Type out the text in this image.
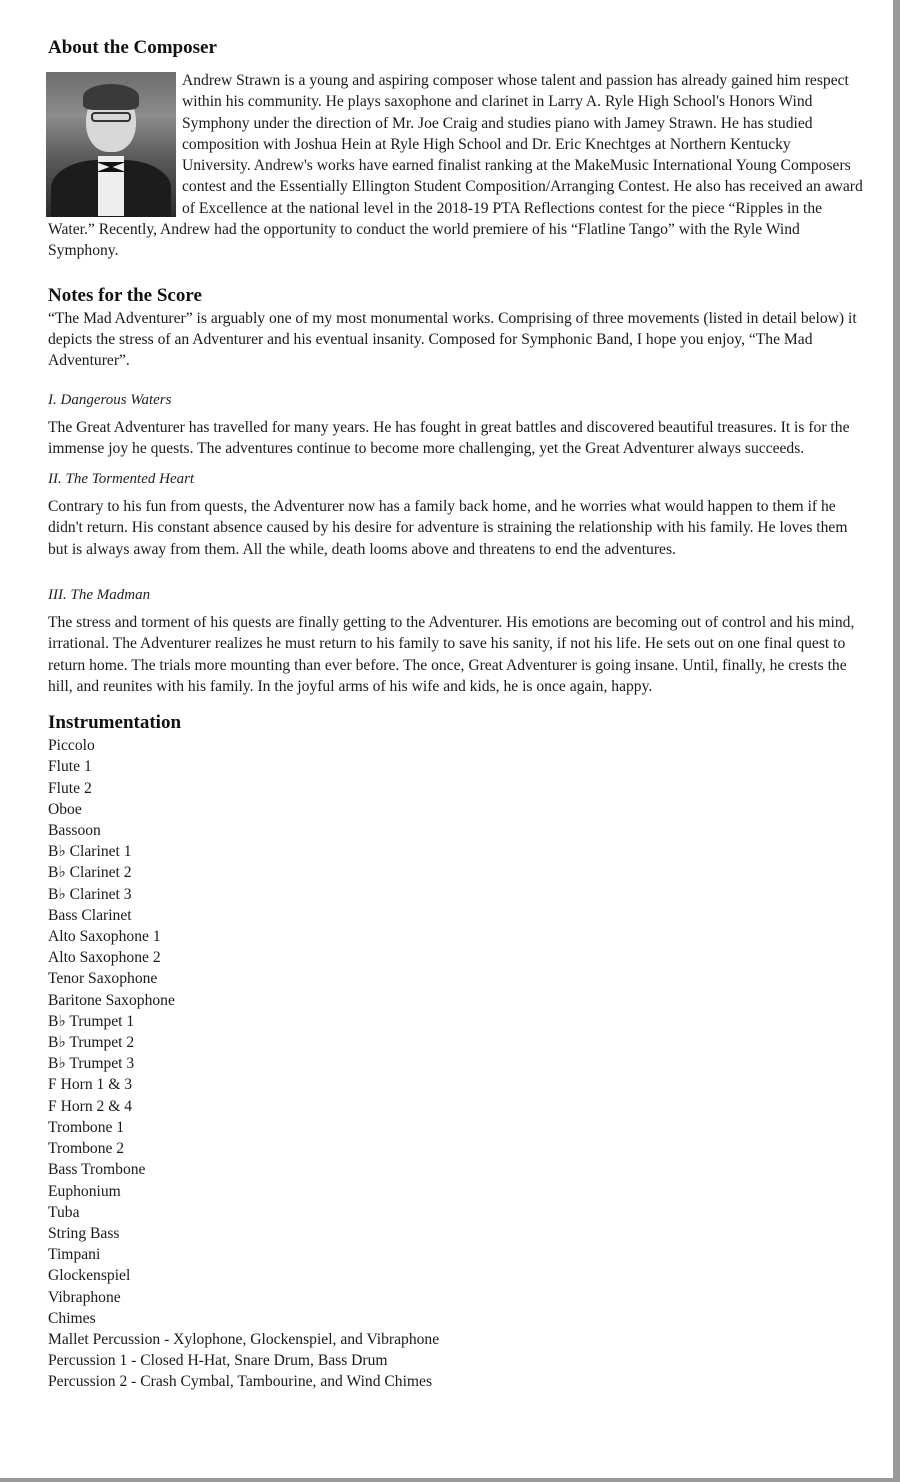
About the Composer

Andrew Strawn is a young and aspiring composer whose talent and passion has already gained him respect within his community. He plays saxophone and clarinet in Larry A. Ryle High School's Honors Wind Symphony under the direction of Mr. Joe Craig and studies piano with Jamey Strawn. He has studied composition with Joshua Hein at Ryle High School and Dr. Eric Knechtges at Northern Kentucky University. Andrew's works have earned finalist ranking at the MakeMusic International Young Composers contest and the Essentially Ellington Student Composition/Arranging Contest. He also has received an award of Excellence at the national level in the 2018-19 PTA Reflections contest for the piece “Ripples in the Water.” Recently, Andrew had the opportunity to conduct the world premiere of his “Flatline Tango” with the Ryle Wind Symphony.

Notes for the Score

“The Mad Adventurer” is arguably one of my most monumental works. Comprising of three movements (listed in detail below) it depicts the stress of an Adventurer and his eventual insanity. Composed for Symphonic Band, I hope you enjoy, “The Mad Adventurer”.

I. Dangerous Waters

The Great Adventurer has travelled for many years. He has fought in great battles and discovered beautiful treasures. It is for the immense joy he quests. The adventures continue to become more challenging, yet the Great Adventurer always succeeds.

II. The Tormented Heart

Contrary to his fun from quests, the Adventurer now has a family back home, and he worries what would happen to them if he didn't return. His constant absence caused by his desire for adventure is straining the relationship with his family. He loves them but is always away from them. All the while, death looms above and threatens to end the adventures.

III. The Madman

The stress and torment of his quests are finally getting to the Adventurer. His emotions are becoming out of control and his mind, irrational. The Adventurer realizes he must return to his family to save his sanity, if not his life. He sets out on one final quest to return home. The trials more mounting than ever before. The once, Great Adventurer is going insane. Until, finally, he crests the hill, and reunites with his family. In the joyful arms of his wife and kids, he is once again, happy.

Instrumentation
Piccolo
Flute 1
Flute 2
Oboe
Bassoon
B♭ Clarinet 1
B♭ Clarinet 2
B♭ Clarinet 3
Bass Clarinet
Alto Saxophone 1
Alto Saxophone 2
Tenor Saxophone
Baritone Saxophone
B♭ Trumpet 1
B♭ Trumpet 2
B♭ Trumpet 3
F Horn 1 & 3
F Horn 2 & 4
Trombone 1
Trombone 2
Bass Trombone
Euphonium
Tuba
String Bass
Timpani
Glockenspiel
Vibraphone
Chimes
Mallet Percussion - Xylophone, Glockenspiel, and Vibraphone
Percussion 1 - Closed H-Hat, Snare Drum, Bass Drum
Percussion 2 - Crash Cymbal, Tambourine, and Wind Chimes
